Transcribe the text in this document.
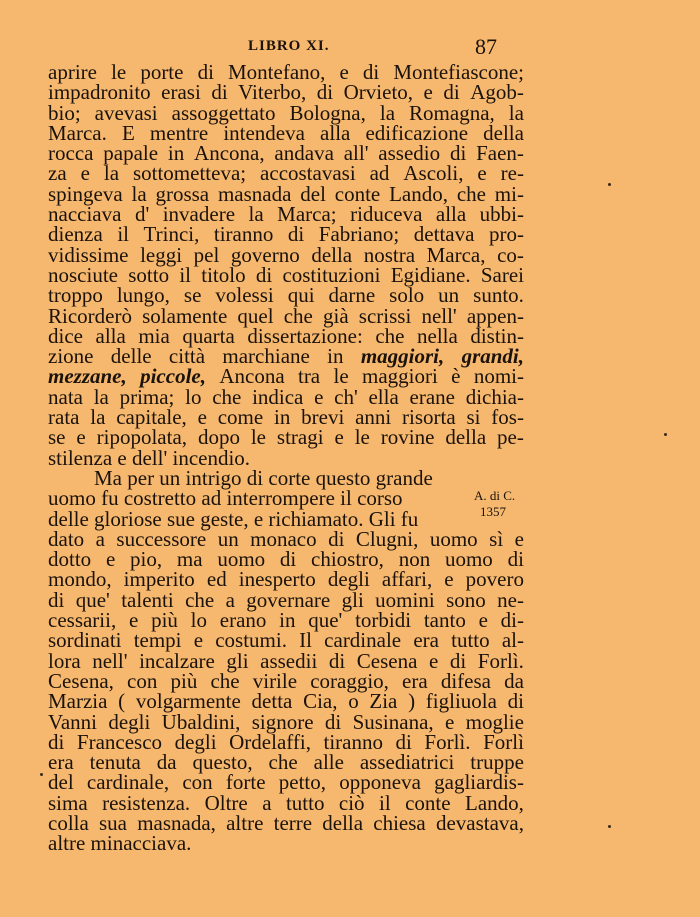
LIBRO XI.	87
aprire le porte di Montefano, e di Montefiascone;
impadronito erasi di Viterbo, di Orvieto, e di Agob-
bio; avevasi assoggettato Bologna, la Romagna, la
Marca. E mentre intendeva alla edificazione della
rocca papale in Ancona, andava all' assedio di Faen-
za e la sottometteva; accostavasi ad Ascoli, e re-
spingeva la grossa masnada del conte Lando, che mi-
nacciava d' invadere la Marca; riduceva alla ubbi-
dienza il Trinci, tiranno di Fabriano; dettava pro-
vidissime leggi pel governo della nostra Marca, co-
nosciute sotto il titolo di costituzioni Egidiane. Sarei
troppo lungo, se volessi qui darne solo un sunto.
Ricorderò solamente quel che già scrissi nell' appen-
dice alla mia quarta dissertazione: che nella distin-
zione delle città marchiane in maggiori, grandi,
mezzane, piccole, Ancona tra le maggiori è nomi-
nata la prima; lo che indica e ch' ella erane dichia-
rata la capitale, e come in brevi anni risorta si fos-
se e ripopolata, dopo le stragi e le rovine della pe-
stilenza e dell' incendio.
Ma per un intrigo di corte questo grande
uomo fu costretto ad interrompere il corso
delle gloriose sue geste, e richiamato. Gli fu
dato a successore un monaco di Clugni, uomo sì e
dotto e pio, ma uomo di chiostro, non uomo di
mondo, imperito ed inesperto degli affari, e povero
di que' talenti che a governare gli uomini sono ne-
cessarii, e più lo erano in que' torbidi tanto e di-
sordinati tempi e costumi. Il cardinale era tutto al-
lora nell' incalzare gli assedii di Cesena e di Forlì.
Cesena, con più che virile coraggio, era difesa da
Marzia ( volgarmente detta Cia, o Zia ) figliuola di
Vanni degli Ubaldini, signore di Susinana, e moglie
di Francesco degli Ordelaffi, tiranno di Forlì. Forlì
era tenuta da questo, che alle assediatrici truppe
del cardinale, con forte petto, opponeva gagliardis-
sima resistenza. Oltre a tutto ciò il conte Lando,
colla sua masnada, altre terre della chiesa devastava,
altre minacciava.
A. di C.
1357
